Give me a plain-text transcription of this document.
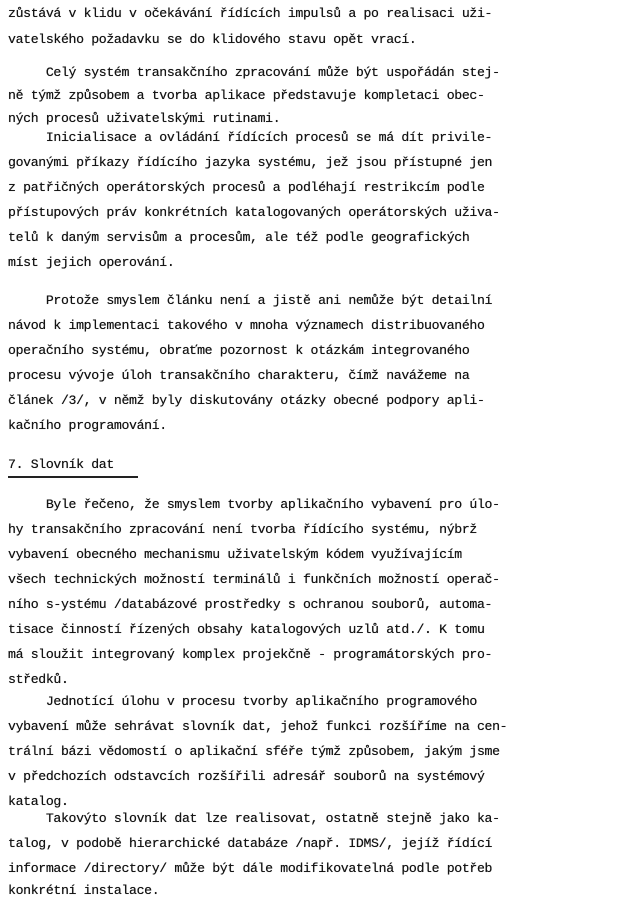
zůstává v klidu v očekávání řídících impulsů a po realisaci uži-
vatelského požadavku se do klidového stavu opět vrací.
Celý systém transakčního zpracování může být uspořádán stej-
ně týmž způsobem a tvorba aplikace představuje kompletaci obec-
ných procesů uživatelskými rutinami.
Inicialisace a ovládání řídících procesů se má dít privile-
govanými příkazy řídícího jazyka systému, jež jsou přístupné jen
z patřičných operátorských procesů a podléhají restrikcím podle
přístupových práv konkrétních katalogovaných operátorských uživa-
telů k daným servisům a procesům, ale též podle geografických
míst jejich operování.
Protože smyslem článku není a jistě ani nemůže být detailní
návod k implementaci takového v mnoha významech distribuovaného
operačního systému, obraťme pozornost k otázkám integrovaného
procesu vývoje úloh transakčního charakteru, čímž navážeme na
článek /3/, v němž byly diskutovány otázky obecné podpory apli-
kačního programování.
7. Slovník dat
Byle řečeno, že smyslem tvorby aplikačního vybavení pro úlo-
hy transakčního zpracování není tvorba řídícího systému, nýbrž
vybavení obecného mechanismu uživatelským kódem využívajícím
všech technických možností terminálů i funkčních možností operač-
ního s-ystému /databázové prostředky s ochranou souborů, automa-
tisace činností řízených obsahy katalogových uzlů atd./. K tomu
má sloužit integrovaný komplex projekčně - programátorských pro-
středků.
Jednotící úlohu v procesu tvorby aplikačního programového
vybavení může sehrávat slovník dat, jehož funkci rozšíříme na cen-
trální bázi vědomostí o aplikační sféře týmž způsobem, jakým jsme
v předchozích odstavcích rozšířili adresář souborů na systémový
katalog.
Takovýto slovník dat lze realisovat, ostatně stejně jako ka-
talog, v podobě hierarchické databáze /např. IDMS/, jejíž řídící
informace /directory/ může být dále modifikovatelná podle potřeb
konkrétní instalace.
